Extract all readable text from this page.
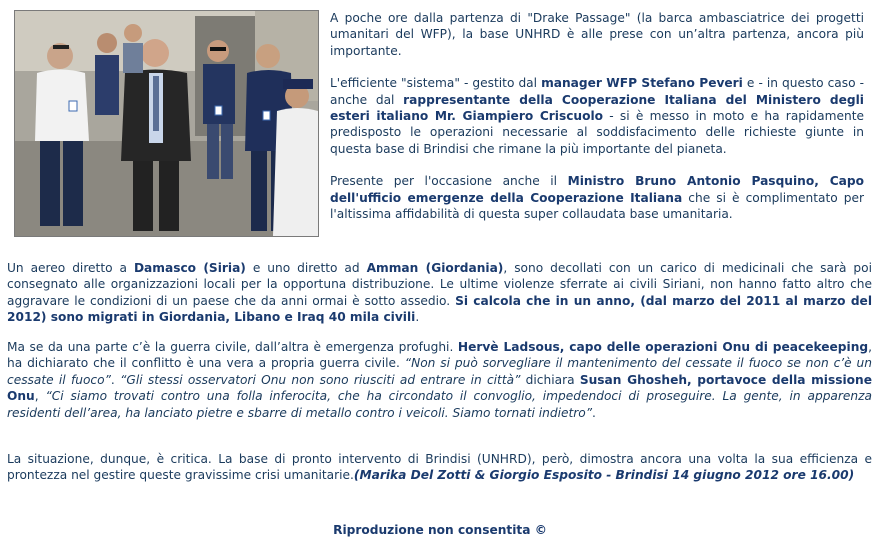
A poche ore dalla partenza di "Drake Passage" (la barca ambasciatrice dei progetti umanitari del WFP), la base UNHRD è alle prese con un’altra partenza, ancora più importante.

L'efficiente "sistema" - gestito dal manager WFP Stefano Peveri e - in questo caso - anche dal rappresentante della Cooperazione Italiana del Ministero degli esteri italiano Mr. Giampiero Criscuolo - si è messo in moto e ha rapidamente predisposto le operazioni necessarie al soddisfacimento delle richieste giunte in questa base di Brindisi che rimane la più importante del pianeta.

Presente per l'occasione anche il Ministro Bruno Antonio Pasquino, Capo dell'ufficio emergenze della Cooperazione Italiana che si è complimentato per l'altissima affidabilità di questa super collaudata base umanitaria.

Un aereo diretto a Damasco (Siria) e uno diretto ad Amman (Giordania), sono decollati con un carico di medicinali che sarà poi consegnato alle organizzazioni locali per la opportuna distribuzione. Le ultime violenze sferrate ai civili Siriani, non hanno fatto altro che aggravare le condizioni di un paese che da anni ormai è sotto assedio. Si calcola che in un anno, (dal marzo del 2011 al marzo del 2012) sono migrati in Giordania, Libano e Iraq 40 mila civili.

Ma se da una parte c’è la guerra civile, dall’altra è emergenza profughi. Hervè Ladsous, capo delle operazioni Onu di peacekeeping, ha dichiarato che il conflitto è una vera a propria guerra civile. “Non si può sorvegliare il mantenimento del cessate il fuoco se non c’è un cessate il fuoco”. “Gli stessi osservatori Onu non sono riusciti ad entrare in città” dichiara Susan Ghosheh, portavoce della missione Onu, “Ci siamo trovati contro una folla inferocita, che ha circondato il convoglio, impedendoci di proseguire. La gente, in apparenza residenti dell’area, ha lanciato pietre e sbarre di metallo contro i veicoli. Siamo tornati indietro”.

La situazione, dunque, è critica. La base di pronto intervento di Brindisi (UNHRD), però, dimostra ancora una volta la sua efficienza e prontezza nel gestire queste gravissime crisi umanitarie.(Marika Del Zotti & Giorgio Esposito - Brindisi 14 giugno 2012 ore 16.00)

Riproduzione non consentita ©
